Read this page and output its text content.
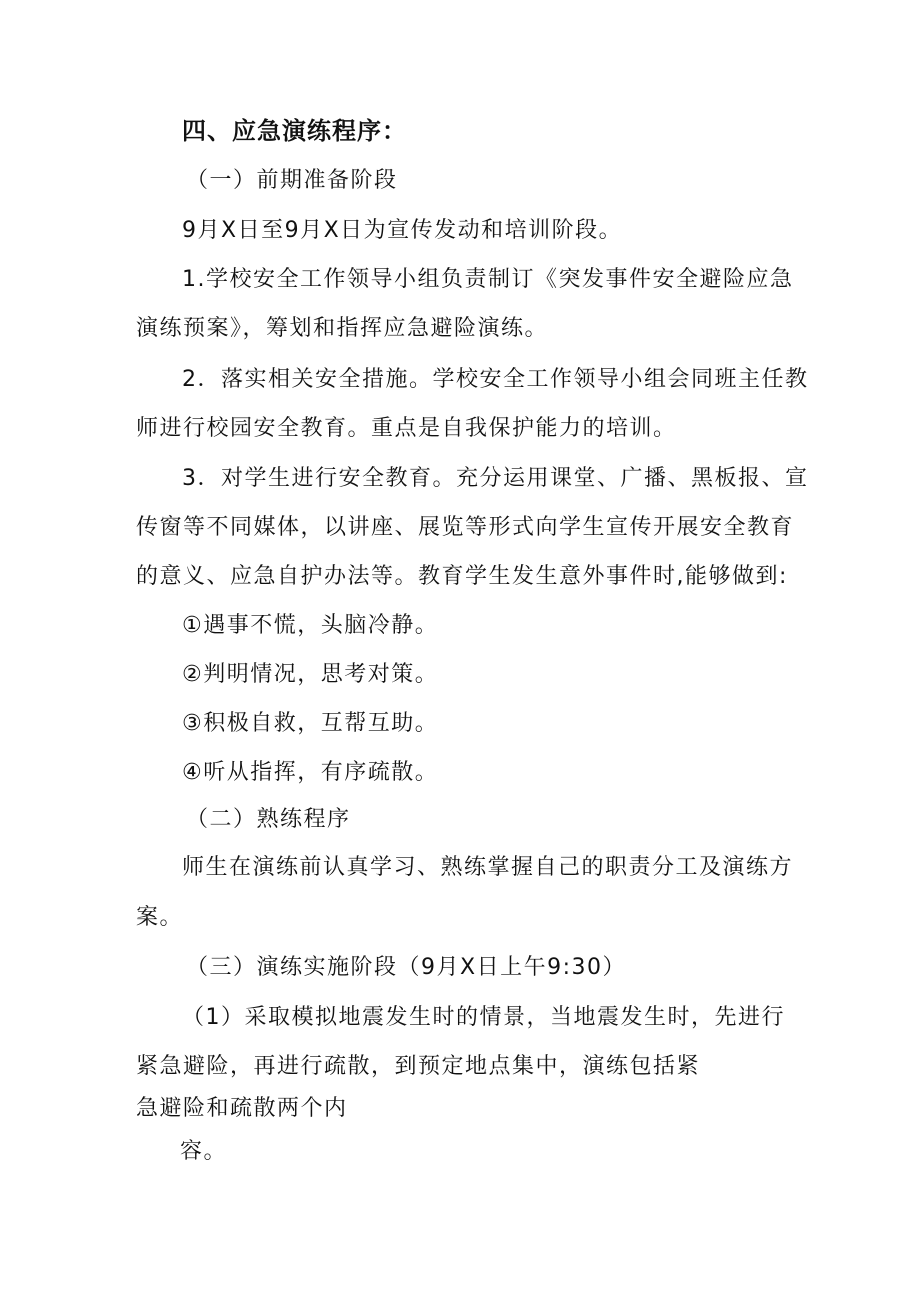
四、应急演练程序：
（一）前期准备阶段
9月X日至9月X日为宣传发动和培训阶段。
1.学校安全工作领导小组负责制订《突发事件安全避险应急
演练预案》，筹划和指挥应急避险演练。
2．落实相关安全措施。学校安全工作领导小组会同班主任教
师进行校园安全教育。重点是自我保护能力的培训。
3．对学生进行安全教育。充分运用课堂、广播、黑板报、宣
传窗等不同媒体，以讲座、展览等形式向学生宣传开展安全教育
的意义、应急自护办法等。教育学生发生意外事件时,能够做到:
①遇事不慌，头脑冷静。
②判明情况，思考对策。
③积极自救，互帮互助。
④听从指挥，有序疏散。
（二）熟练程序
师生在演练前认真学习、熟练掌握自己的职责分工及演练方
案。
（三）演练实施阶段（9月X日上午9:30）
（1）采取模拟地震发生时的情景，当地震发生时，先进行
紧急避险，再进行疏散，到预定地点集中，演练包括紧
急避险和疏散两个内
容。
